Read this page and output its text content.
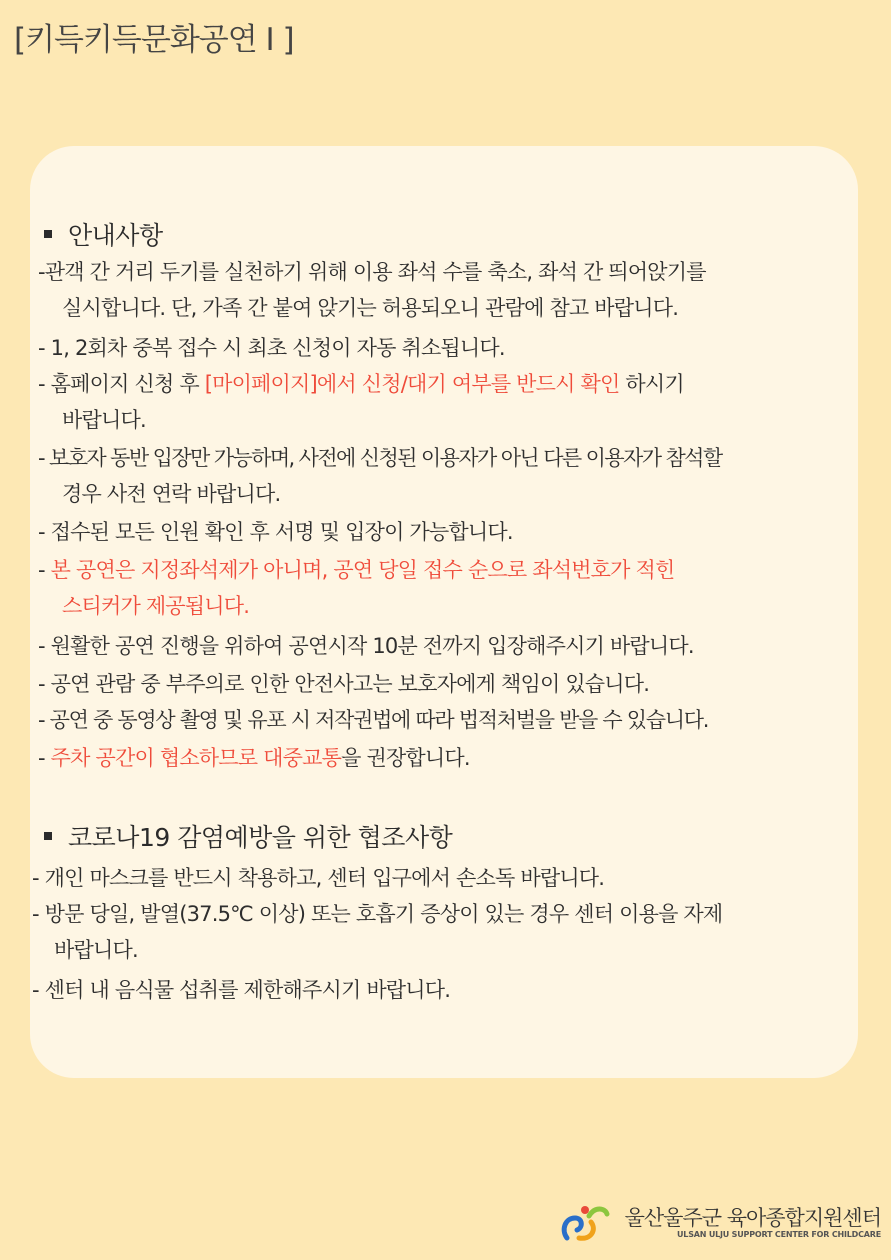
[키득키득문화공연 I ]
안내사항
-관객 간 거리 두기를 실천하기 위해 이용 좌석 수를 축소, 좌석 간 띄어앉기를
실시합니다. 단, 가족 간 붙여 앉기는 허용되오니 관람에 참고 바랍니다.
- 1, 2회차 중복 접수 시 최초 신청이 자동 취소됩니다.
- 홈페이지 신청 후 [마이페이지]에서 신청/대기 여부를 반드시 확인 하시기
바랍니다.
- 보호자 동반 입장만 가능하며, 사전에 신청된 이용자가 아닌 다른 이용자가 참석할
경우 사전 연락 바랍니다.
- 접수된 모든 인원 확인 후 서명 및 입장이 가능합니다.
- 본 공연은 지정좌석제가 아니며, 공연 당일 접수 순으로 좌석번호가 적힌
스티커가 제공됩니다.
- 원활한 공연 진행을 위하여 공연시작 10분 전까지 입장해주시기 바랍니다.
- 공연 관람 중 부주의로 인한 안전사고는 보호자에게 책임이 있습니다.
- 공연 중 동영상 촬영 및 유포 시 저작권법에 따라 법적처벌을 받을 수 있습니다.
- 주차 공간이 협소하므로 대중교통을 권장합니다.
코로나19 감염예방을 위한 협조사항
- 개인 마스크를 반드시 착용하고, 센터 입구에서 손소독 바랍니다.
- 방문 당일, 발열(37.5℃ 이상) 또는 호흡기 증상이 있는 경우 센터 이용을 자제
바랍니다.
- 센터 내 음식물 섭취를 제한해주시기 바랍니다.
울산울주군 육아종합지원센터
ULSAN ULJU SUPPORT CENTER FOR CHILDCARE
